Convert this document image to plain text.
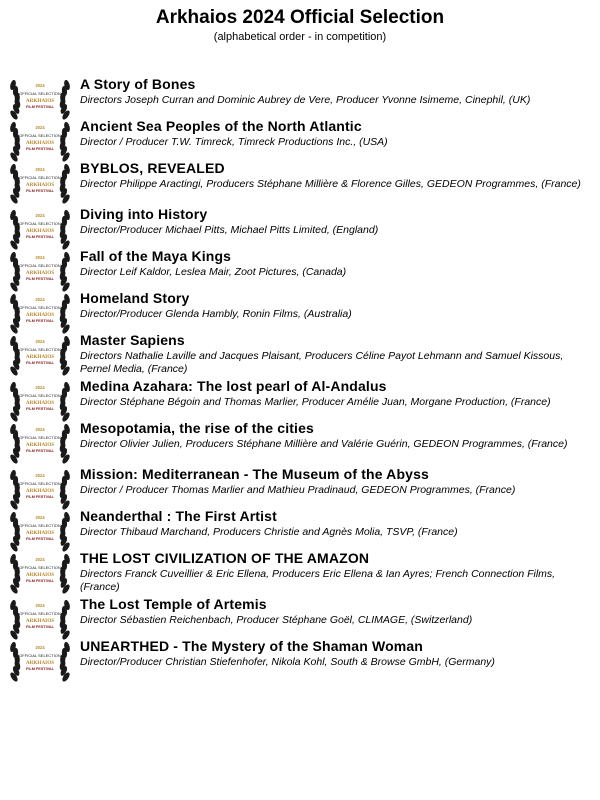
Arkhaios 2024 Official Selection
(alphabetical order - in competition)
2024
OFFICIAL SELECTION
ARKHAIOS
FILM FESTIVAL
A Story of Bones
Directors Joseph Curran and Dominic Aubrey de Vere, Producer Yvonne Isimeme, Cinephil, (UK)
2024
OFFICIAL SELECTION
ARKHAIOS
FILM FESTIVAL
Ancient Sea Peoples of the North Atlantic
Director / Producer T.W. Timreck, Timreck Productions Inc., (USA)
2024
OFFICIAL SELECTION
ARKHAIOS
FILM FESTIVAL
BYBLOS, REVEALED
Director Philippe Aractingi, Producers Stéphane Millière & Florence Gilles, GEDEON Programmes, (France)
2024
OFFICIAL SELECTION
ARKHAIOS
FILM FESTIVAL
Diving into History
Director/Producer Michael Pitts, Michael Pitts Limited, (England)
2024
OFFICIAL SELECTION
ARKHAIOS
FILM FESTIVAL
Fall of the Maya Kings
Director Leif Kaldor, Leslea Mair, Zoot Pictures, (Canada)
2024
OFFICIAL SELECTION
ARKHAIOS
FILM FESTIVAL
Homeland Story
Director/Producer Glenda Hambly, Ronin Films, (Australia)
2024
OFFICIAL SELECTION
ARKHAIOS
FILM FESTIVAL
Master Sapiens
Directors Nathalie Laville and Jacques Plaisant, Producers Céline Payot Lehmann and Samuel Kissous, Pernel Media, (France)
2024
OFFICIAL SELECTION
ARKHAIOS
FILM FESTIVAL
Medina Azahara: The lost pearl of Al-Andalus
Director Stéphane Bégoin and Thomas Marlier, Producer Amélie Juan, Morgane Production, (France)
2024
OFFICIAL SELECTION
ARKHAIOS
FILM FESTIVAL
Mesopotamia, the rise of the cities
Director Olivier Julien, Producers Stéphane Millière and Valérie Guérin, GEDEON Programmes, (France)
2024
OFFICIAL SELECTION
ARKHAIOS
FILM FESTIVAL
Mission: Mediterranean - The Museum of the Abyss
Director / Producer Thomas Marlier and Mathieu Pradinaud, GEDEON Programmes, (France)
2024
OFFICIAL SELECTION
ARKHAIOS
FILM FESTIVAL
Neanderthal : The First Artist
Director Thibaud Marchand, Producers Christie and Agnès Molia, TSVP, (France)
2024
OFFICIAL SELECTION
ARKHAIOS
FILM FESTIVAL
THE LOST CIVILIZATION OF THE AMAZON
Directors Franck Cuveillier & Eric Ellena, Producers Eric Ellena & Ian Ayres; French Connection Films, (France)
2024
OFFICIAL SELECTION
ARKHAIOS
FILM FESTIVAL
The Lost Temple of Artemis
Director Sébastien Reichenbach, Producer Stéphane Goël, CLIMAGE, (Switzerland)
2024
OFFICIAL SELECTION
ARKHAIOS
FILM FESTIVAL
UNEARTHED - The Mystery of the Shaman Woman
Director/Producer Christian Stiefenhofer, Nikola Kohl, South & Browse GmbH, (Germany)
